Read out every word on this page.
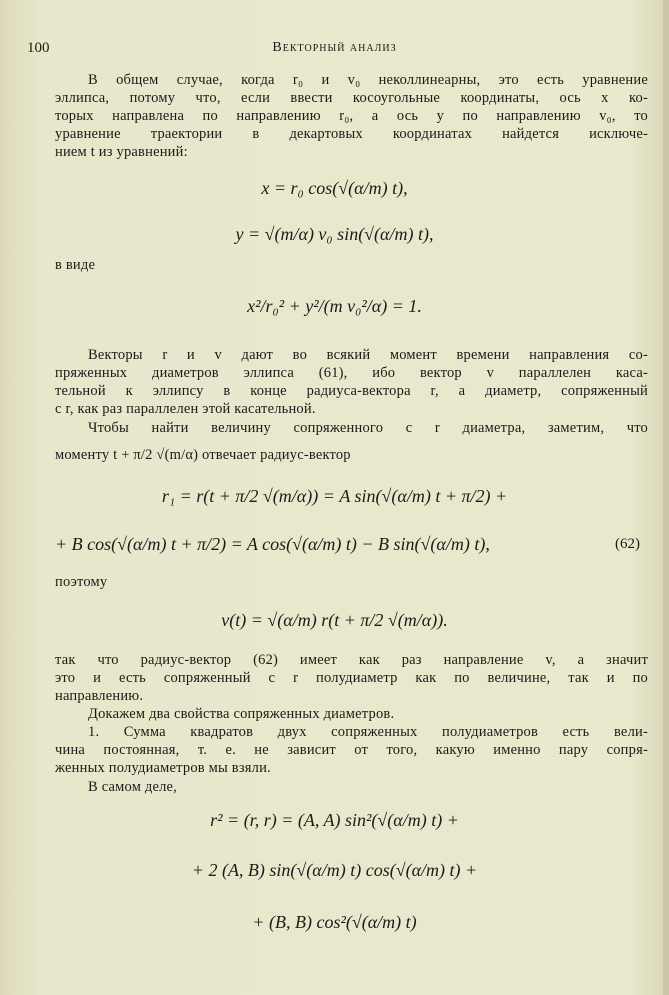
100	Векторный анализ
В общем случае, когда r₀ и v₀ неколлинеарны, это есть уравнение
эллипса, потому что, если ввести косоугольные координаты, ось x ко-
торых направлена по направлению r₀, а ось y по направлению v₀, то
уравнение траектории в декартовых координатах найдется исключе-
нием t из уравнений:
x = r₀ cos(√(α/m) t),
y = √(m/α) v₀ sin(√(α/m) t),
в виде
x²/r₀² + y²/(m v₀²/α) = 1.
Векторы r и v дают во всякий момент времени направления со-
пряженных диаметров эллипса (61), ибо вектор v параллелен каса-
тельной к эллипсу в конце радиуса-вектора r, а диаметр, сопряженный
с r, как раз параллелен этой касательной.
Чтобы найти величину сопряженного с r диаметра, заметим, что
моменту t + π/2 √(m/α) отвечает радиус-вектор
r₁ = r(t + π/2 √(m/α)) = A sin(√(α/m) t + π/2) +
+ B cos(√(α/m) t + π/2) = A cos(√(α/m) t) − B sin(√(α/m) t),	(62)
поэтому
v(t) = √(α/m) r(t + π/2 √(m/α)).
так что радиус-вектор (62) имеет как раз направление v, а значит
это и есть сопряженный с r полудиаметр как по величине, так и по
направлению.
Докажем два свойства сопряженных диаметров.
1. Сумма квадратов двух сопряженных полудиаметров есть вели-
чина постоянная, т. е. не зависит от того, какую именно пару сопря-
женных полудиаметров мы взяли.
В самом деле,
r² = (r, r) = (A, A) sin²(√(α/m) t) +
+ 2 (A, B) sin(√(α/m) t) cos(√(α/m) t) +
+ (B, B) cos²(√(α/m) t)
